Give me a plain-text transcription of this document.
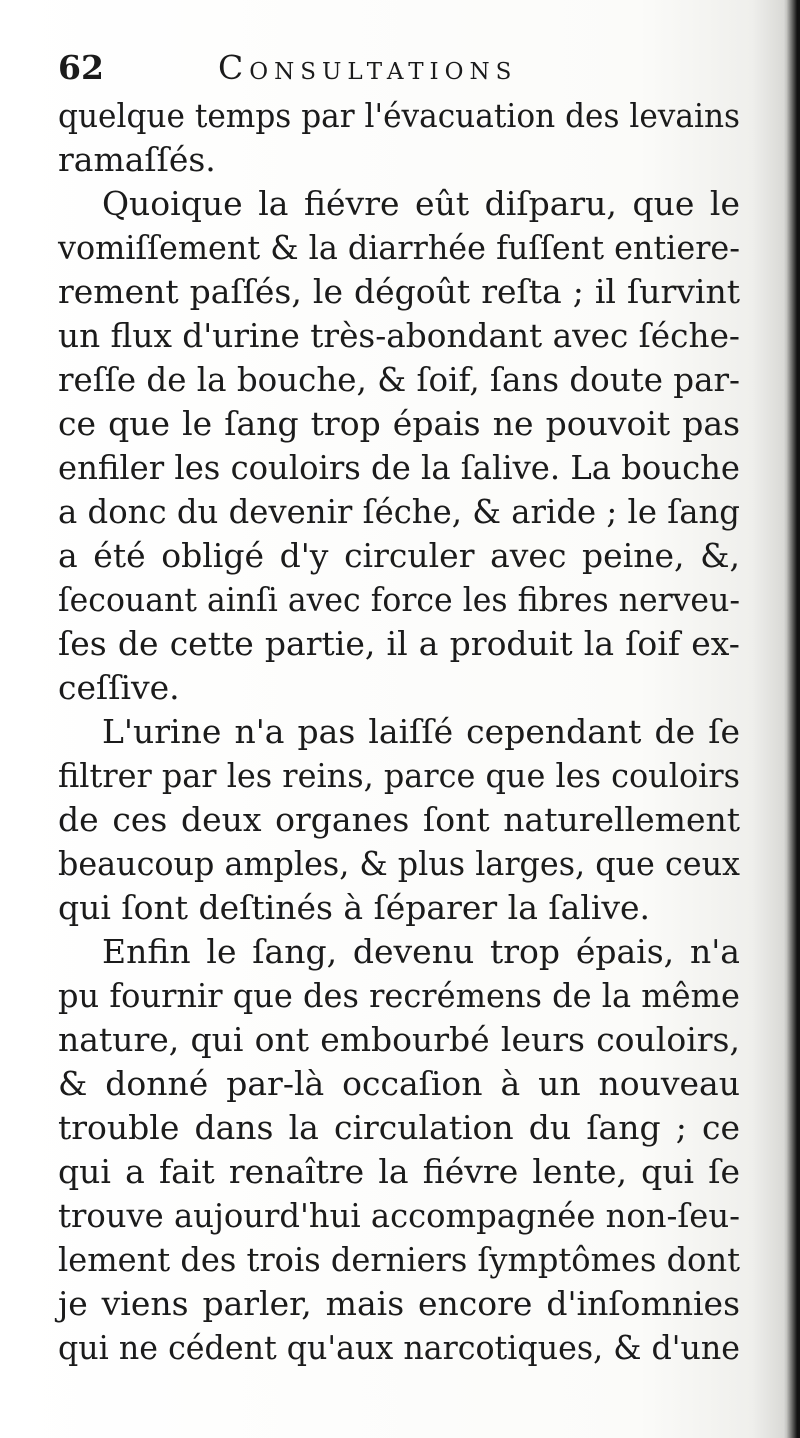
62	Consultations
quelque temps par l'évacuation des levains
ramaſſés.
Quoique la fiévre eût diſparu, que le
vomiſſement & la diarrhée fuſſent entiere-
rement paſſés, le dégoût reſta ; il ſurvint
un flux d'urine très-abondant avec ſéche-
reſſe de la bouche, & ſoif, ſans doute par-
ce que le ſang trop épais ne pouvoit pas
enfiler les couloirs de la ſalive. La bouche
a donc du devenir ſéche, & aride ; le ſang
a été obligé d'y circuler avec peine, &,
ſecouant ainſi avec force les fibres nerveu-
ſes de cette partie, il a produit la ſoif ex-
ceſſive.
L'urine n'a pas laiſſé cependant de ſe
filtrer par les reins, parce que les couloirs
de ces deux organes ſont naturellement
beaucoup amples, & plus larges, que ceux
qui ſont deſtinés à ſéparer la ſalive.
Enfin le ſang, devenu trop épais, n'a
pu fournir que des recrémens de la même
nature, qui ont embourbé leurs couloirs,
& donné par-là occaſion à un nouveau
trouble dans la circulation du ſang ; ce
qui a fait renaître la fiévre lente, qui ſe
trouve aujourd'hui accompagnée non-ſeu-
lement des trois derniers ſymptômes dont
je viens parler, mais encore d'inſomnies
qui ne cédent qu'aux narcotiques, & d'une
